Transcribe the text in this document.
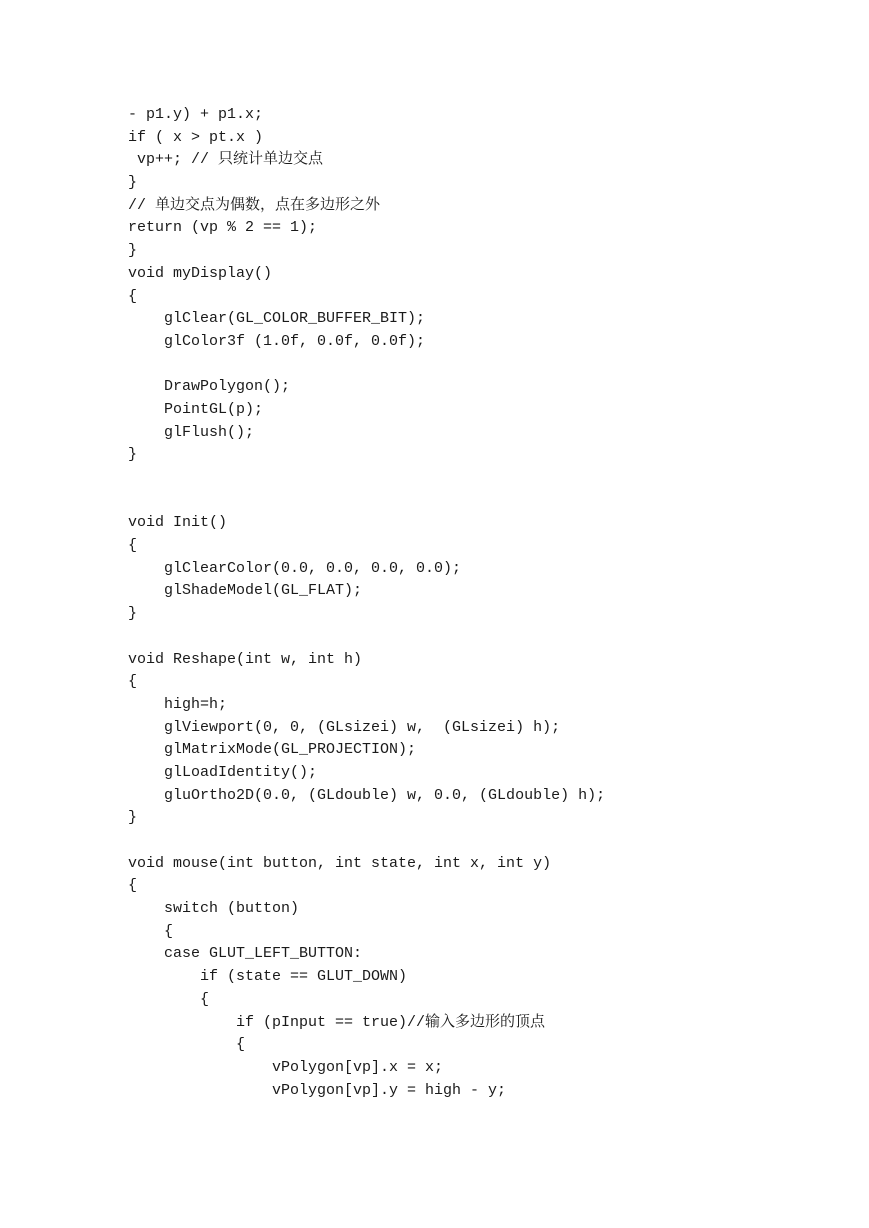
- p1.y) + p1.x;
if ( x > pt.x )
vp++; // 只统计单边交点
}
// 单边交点为偶数，点在多边形之外
return (vp % 2 == 1);
}
void myDisplay()
{
glClear(GL_COLOR_BUFFER_BIT);
glColor3f (1.0f, 0.0f, 0.0f);
DrawPolygon();
PointGL(p);
glFlush();
}
void Init()
{
glClearColor(0.0, 0.0, 0.0, 0.0);
glShadeModel(GL_FLAT);
}
void Reshape(int w, int h)
{
high=h;
glViewport(0, 0, (GLsizei) w,  (GLsizei) h);
glMatrixMode(GL_PROJECTION);
glLoadIdentity();
gluOrtho2D(0.0, (GLdouble) w, 0.0, (GLdouble) h);
}
void mouse(int button, int state, int x, int y)
{
switch (button)
{
case GLUT_LEFT_BUTTON:
if (state == GLUT_DOWN)
{
if (pInput == true)//输入多边形的顶点
{
vPolygon[vp].x = x;
vPolygon[vp].y = high - y;
